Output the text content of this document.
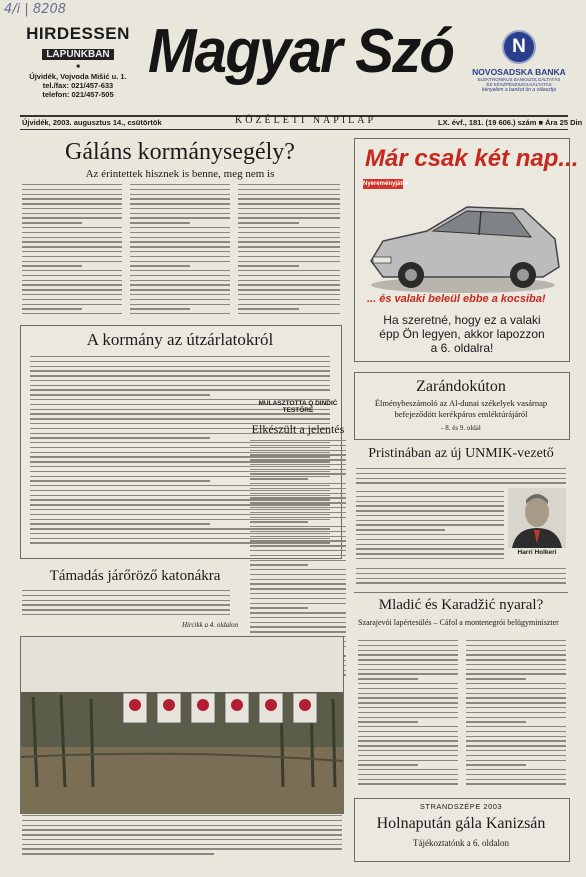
4/i | 8208
HIRDESSEN
LAPUNKBAN
■
Újvidék, Vojvoda Mišić u. 1.
tel./fax: 021/457-633
telefon: 021/457-505
Magyar Szó	N
NOVOSADSKA BANKA
ELEKTRONIKUS BANKSZOLGÁLTATÁS
ÉS KÉSZPÉNZSZOLGÁLTATÁS
kényelem a bankot ön a választja
Újvidék, 2003. augusztus 14., csütörtök	KÖZÉLETI NAPILAP	LX. évf., 181. (19 606.) szám ■ Ára 25 Din
Gáláns kormánysegély?
Az érintettek hisznek is benne, meg nem is
Már csak két nap...
Nyereményjáték
... és valaki beleül ebbe a kocsiba!
Ha szeretné, hogy ez a valaki
épp Ön legyen, akkor lapozzon
a 6. oldalra!
A kormány az útzárlatokról
Támadás járőröző katonákra
Hírcikk a 4. oldalon
MULASZTOTTA Q DINDIĆ TESTŐRE
Elkészült a jelentés
Zarándokúton
Élménybeszámoló az Al-dunai székelyek vasárnap befejeződött kerékpáros emléktúrájáról
- 8. és 9. oldal
Pristinában az új UNMIK-vezető
Harri Holkeri
Mladić és Karadžić nyaral?
Szarajevói lapértesülés – Cáfol a montenegrói belügyminiszter
STRANDSZÉPE 2003
Holnapután gála Kanizsán
Tájékoztatónk a 6. oldalon
